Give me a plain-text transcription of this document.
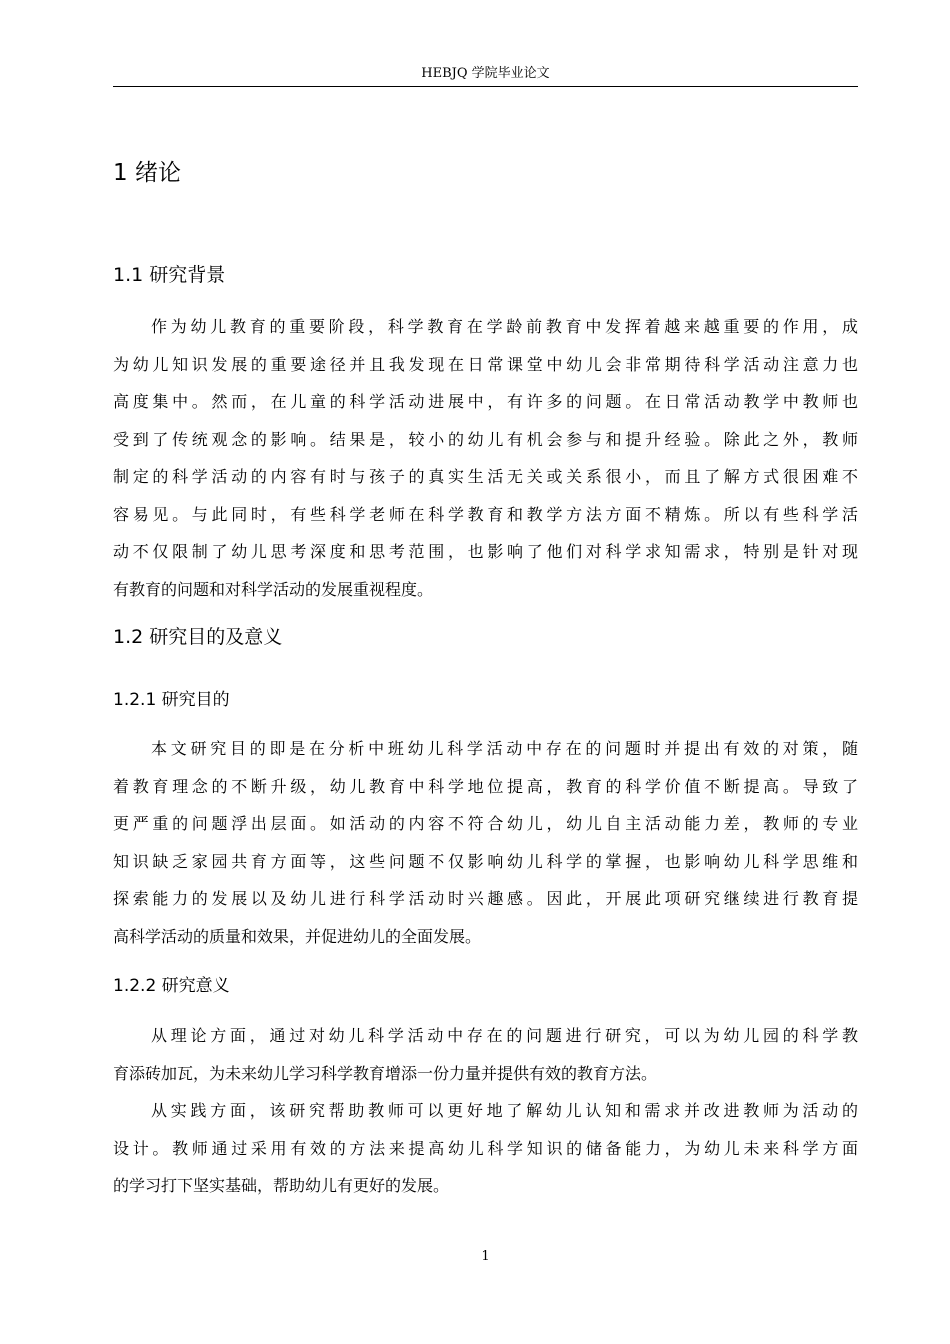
HEBJQ 学院毕业论文
1 绪论
1.1 研究背景
作为幼儿教育的重要阶段，科学教育在学龄前教育中发挥着越来越重要的作用，成
为幼儿知识发展的重要途径并且我发现在日常课堂中幼儿会非常期待科学活动注意力也
高度集中。然而，在儿童的科学活动进展中，有许多的问题。在日常活动教学中教师也
受到了传统观念的影响。结果是，较小的幼儿有机会参与和提升经验。除此之外，教师
制定的科学活动的内容有时与孩子的真实生活无关或关系很小，而且了解方式很困难不
容易见。与此同时，有些科学老师在科学教育和教学方法方面不精炼。所以有些科学活
动不仅限制了幼儿思考深度和思考范围，也影响了他们对科学求知需求，特别是针对现
有教育的问题和对科学活动的发展重视程度。
1.2 研究目的及意义
1.2.1 研究目的
本文研究目的即是在分析中班幼儿科学活动中存在的问题时并提出有效的对策，随
着教育理念的不断升级，幼儿教育中科学地位提高，教育的科学价值不断提高。导致了
更严重的问题浮出层面。如活动的内容不符合幼儿，幼儿自主活动能力差，教师的专业
知识缺乏家园共育方面等，这些问题不仅影响幼儿科学的掌握，也影响幼儿科学思维和
探索能力的发展以及幼儿进行科学活动时兴趣感。因此，开展此项研究继续进行教育提
高科学活动的质量和效果，并促进幼儿的全面发展。
1.2.2 研究意义
从理论方面，通过对幼儿科学活动中存在的问题进行研究，可以为幼儿园的科学教
育添砖加瓦，为未来幼儿学习科学教育增添一份力量并提供有效的教育方法。
从实践方面，该研究帮助教师可以更好地了解幼儿认知和需求并改进教师为活动的
设计。教师通过采用有效的方法来提高幼儿科学知识的储备能力，为幼儿未来科学方面
的学习打下坚实基础，帮助幼儿有更好的发展。
1
